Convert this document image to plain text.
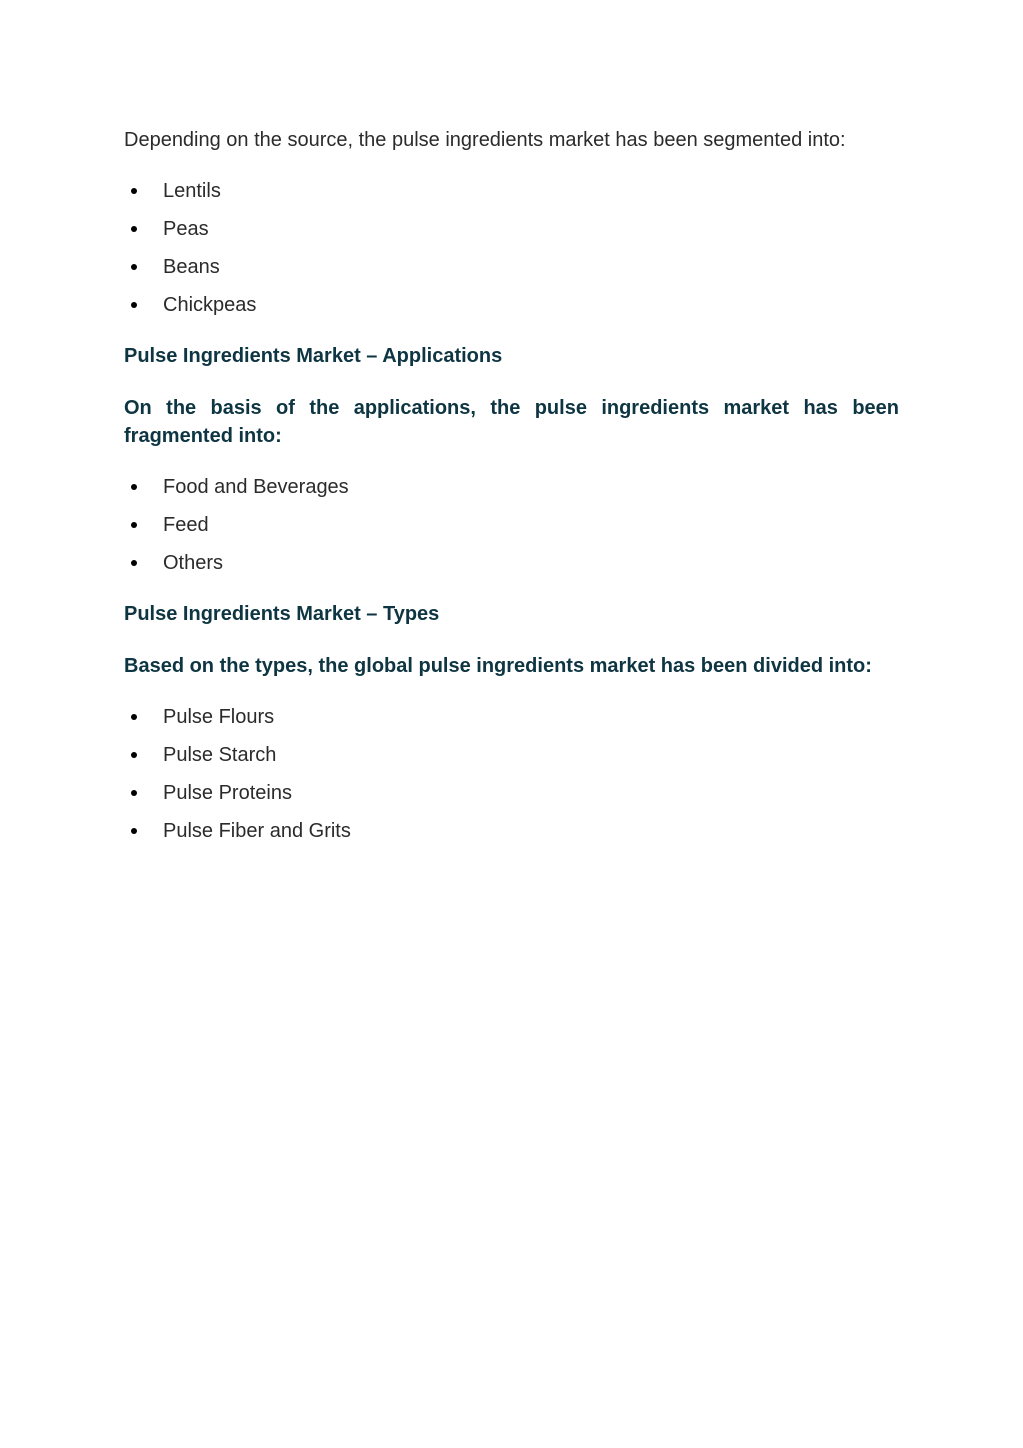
Depending on the source, the pulse ingredients market has been segmented into:

Lentils
Peas
Beans
Chickpeas

Pulse Ingredients Market – Applications

On the basis of the applications, the pulse ingredients market has been fragmented into:

Food and Beverages
Feed
Others

Pulse Ingredients Market – Types

Based on the types, the global pulse ingredients market has been divided into:

Pulse Flours
Pulse Starch
Pulse Proteins
Pulse Fiber and Grits
